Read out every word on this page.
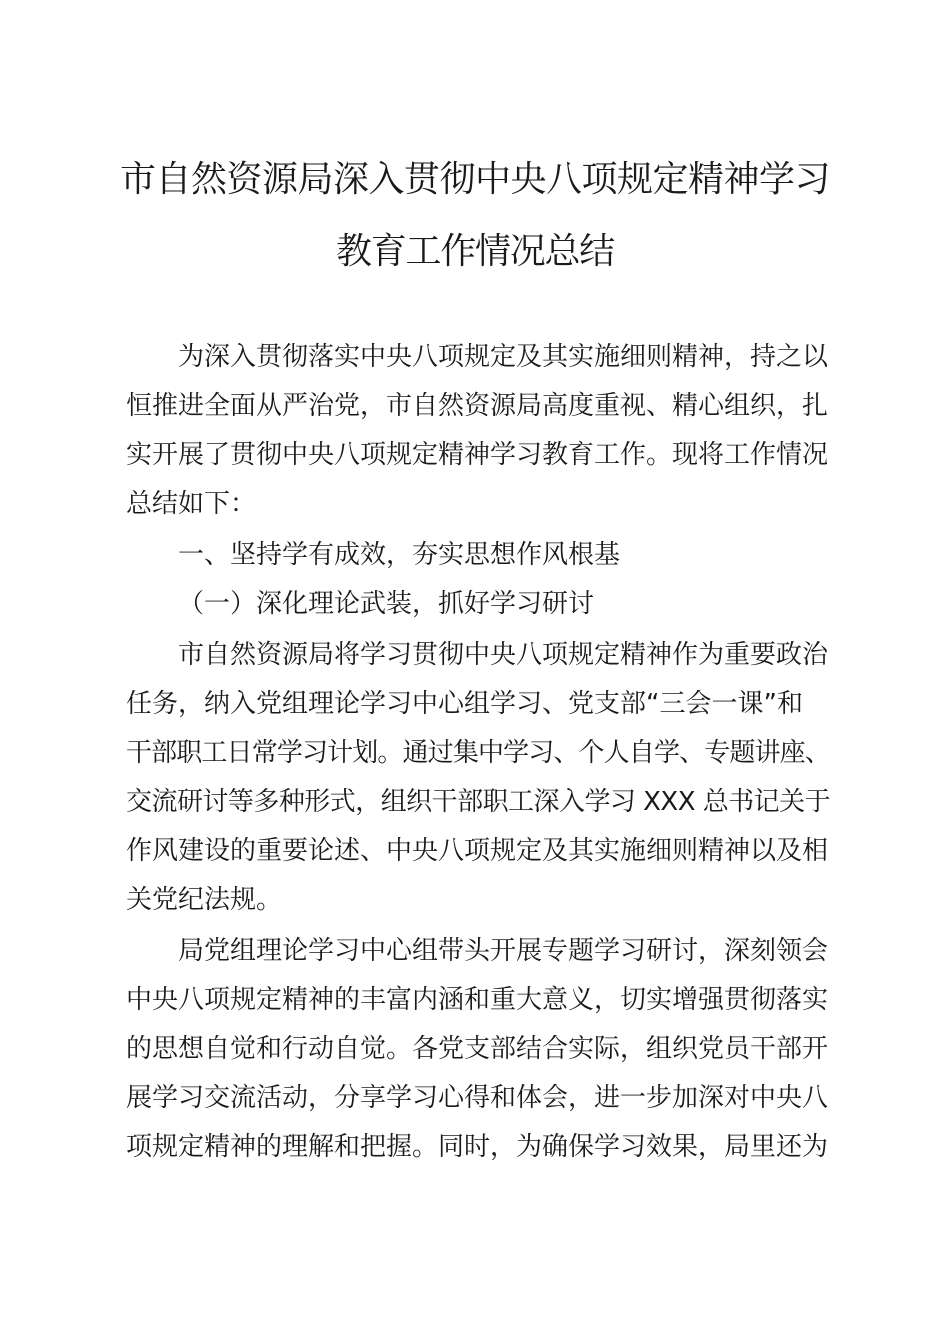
市自然资源局深入贯彻中央八项规定精神学习
教育工作情况总结

为深入贯彻落实中央八项规定及其实施细则精神，持之以

恒推进全面从严治党，市自然资源局高度重视、精心组织，扎

实开展了贯彻中央八项规定精神学习教育工作。现将工作情况

总结如下：

一、坚持学有成效，夯实思想作风根基

（一）深化理论武装，抓好学习研讨

市自然资源局将学习贯彻中央八项规定精神作为重要政治

任务，纳入党组理论学习中心组学习、党支部“三会一课”和

干部职工日常学习计划。通过集中学习、个人自学、专题讲座、

交流研讨等多种形式，组织干部职工深入学习 XXX 总书记关于

作风建设的重要论述、中央八项规定及其实施细则精神以及相

关党纪法规。

局党组理论学习中心组带头开展专题学习研讨，深刻领会

中央八项规定精神的丰富内涵和重大意义，切实增强贯彻落实

的思想自觉和行动自觉。各党支部结合实际，组织党员干部开

展学习交流活动，分享学习心得和体会，进一步加深对中央八

项规定精神的理解和把握。同时，为确保学习效果，局里还为
